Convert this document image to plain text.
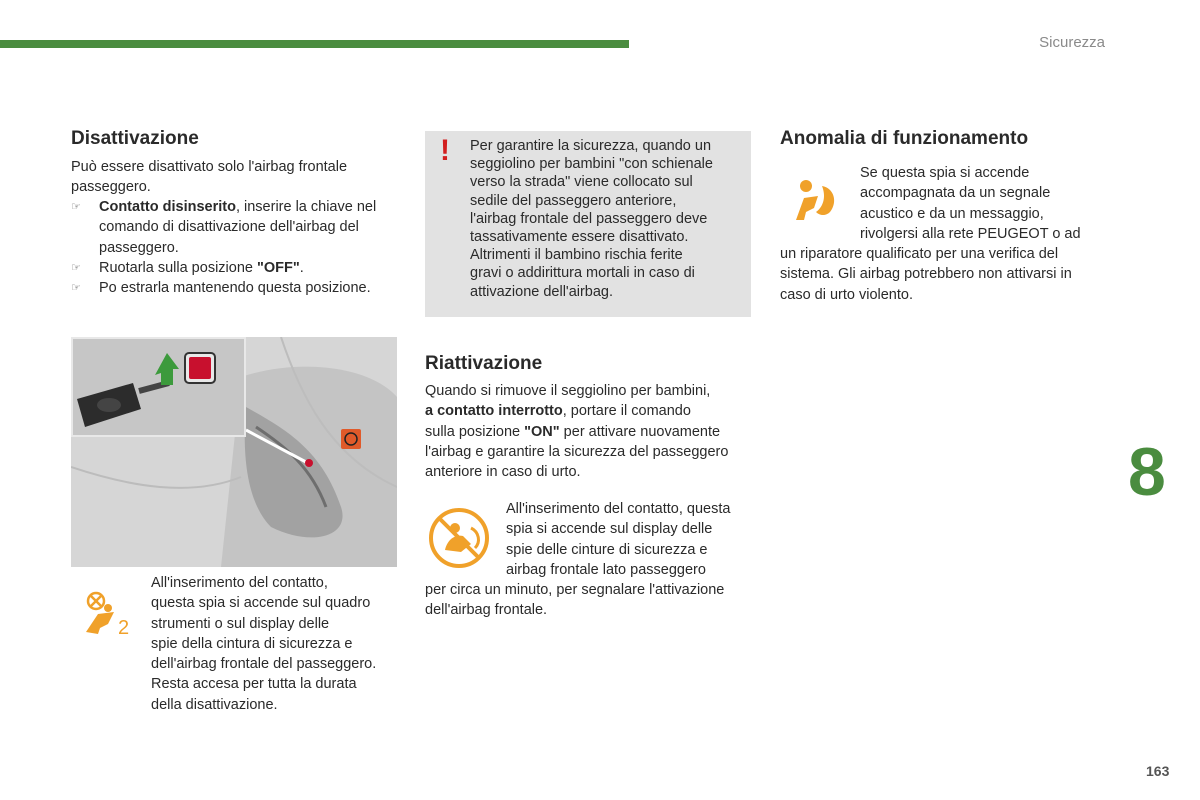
Sicurezza
8
163
Disattivazione
Può essere disattivato solo l'airbag frontale passeggero.
☞ Contatto disinserito, inserire la chiave nel
comando di disattivazione dell'airbag del
passeggero.
☞ Ruotarla sulla posizione "OFF".
☞ Po estrarla mantenendo questa posizione.
2
All'inserimento del contatto,
questa spia si accende sul quadro
strumenti o sul display delle
spie della cintura di sicurezza e
dell'airbag frontale del passeggero.
Resta accesa per tutta la durata
della disattivazione.
! Per garantire la sicurezza, quando un
seggiolino per bambini "con schienale
verso la strada" viene collocato sul
sedile del passeggero anteriore,
l'airbag frontale del passeggero deve
tassativamente essere disattivato.
Altrimenti il bambino rischia ferite
gravi o addirittura mortali in caso di
attivazione dell'airbag.
Riattivazione
Quando si rimuove il seggiolino per bambini,
a contatto interrotto, portare il comando
sulla posizione "ON" per attivare nuovamente
l'airbag e garantire la sicurezza del passeggero
anteriore in caso di urto.
All'inserimento del contatto, questa
spia si accende sul display delle
spie delle cinture di sicurezza e
airbag frontale lato passeggero
per circa un minuto, per segnalare l'attivazione
dell'airbag frontale.
Anomalia di funzionamento
Se questa spia si accende
accompagnata da un segnale
acustico e da un messaggio,
rivolgersi alla rete PEUGEOT o ad
un riparatore qualificato per una verifica del
sistema. Gli airbag potrebbero non attivarsi in
caso di urto violento.
